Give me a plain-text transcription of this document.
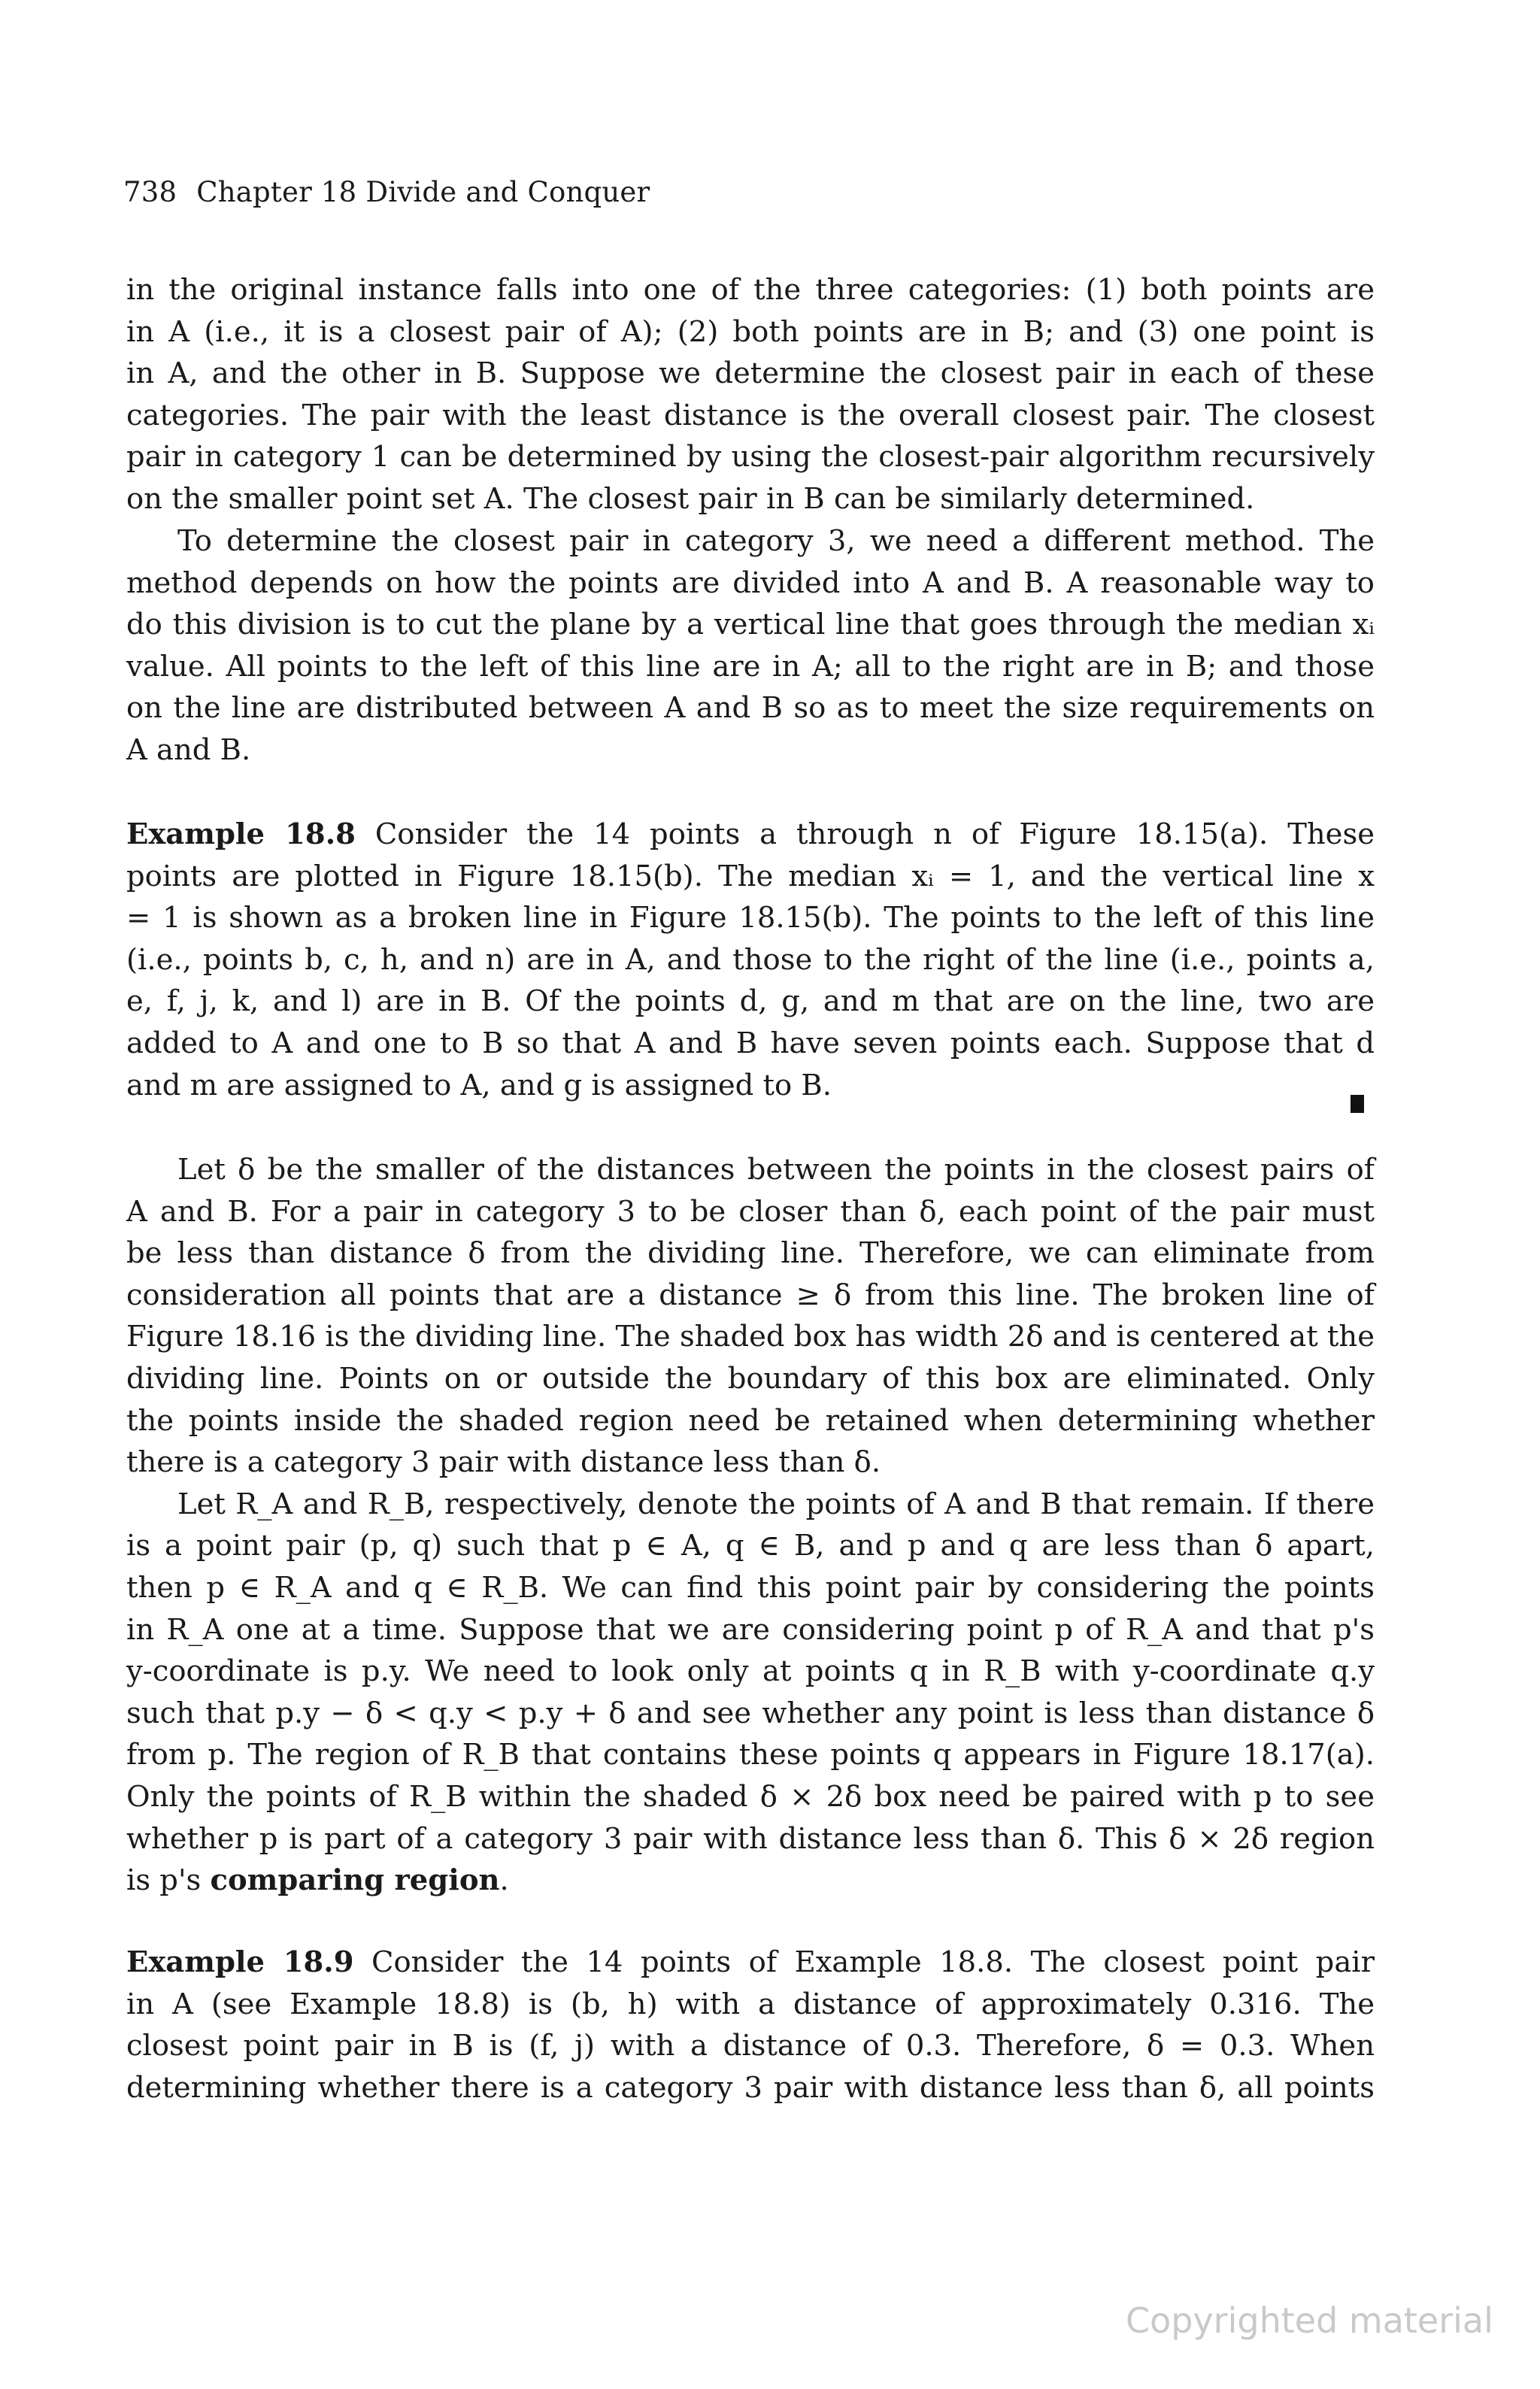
738 Chapter 18 Divide and Conquer
in the original instance falls into one of the three categories: (1) both points are
in A (i.e., it is a closest pair of A); (2) both points are in B; and (3) one point is
in A, and the other in B. Suppose we determine the closest pair in each of these
categories. The pair with the least distance is the overall closest pair. The closest
pair in category 1 can be determined by using the closest-pair algorithm recursively
on the smaller point set A. The closest pair in B can be similarly determined.
To determine the closest pair in category 3, we need a different method. The
method depends on how the points are divided into A and B. A reasonable way to
do this division is to cut the plane by a vertical line that goes through the median xᵢ
value. All points to the left of this line are in A; all to the right are in B; and those
on the line are distributed between A and B so as to meet the size requirements on
A and B.
Example 18.8 Consider the 14 points a through n of Figure 18.15(a). These
points are plotted in Figure 18.15(b). The median xᵢ = 1, and the vertical line x
= 1 is shown as a broken line in Figure 18.15(b). The points to the left of this line
(i.e., points b, c, h, and n) are in A, and those to the right of the line (i.e., points a,
e, f, j, k, and l) are in B. Of the points d, g, and m that are on the line, two are
added to A and one to B so that A and B have seven points each. Suppose that d
and m are assigned to A, and g is assigned to B.
Let δ be the smaller of the distances between the points in the closest pairs of
A and B. For a pair in category 3 to be closer than δ, each point of the pair must
be less than distance δ from the dividing line. Therefore, we can eliminate from
consideration all points that are a distance ≥ δ from this line. The broken line of
Figure 18.16 is the dividing line. The shaded box has width 2δ and is centered at the
dividing line. Points on or outside the boundary of this box are eliminated. Only
the points inside the shaded region need be retained when determining whether
there is a category 3 pair with distance less than δ.
Let R_A and R_B, respectively, denote the points of A and B that remain. If there
is a point pair (p, q) such that p ∈ A, q ∈ B, and p and q are less than δ apart,
then p ∈ R_A and q ∈ R_B. We can find this point pair by considering the points
in R_A one at a time. Suppose that we are considering point p of R_A and that p's
y-coordinate is p.y. We need to look only at points q in R_B with y-coordinate q.y
such that p.y − δ < q.y < p.y + δ and see whether any point is less than distance δ
from p. The region of R_B that contains these points q appears in Figure 18.17(a).
Only the points of R_B within the shaded δ × 2δ box need be paired with p to see
whether p is part of a category 3 pair with distance less than δ. This δ × 2δ region
is p's comparing region.
Example 18.9 Consider the 14 points of Example 18.8. The closest point pair
in A (see Example 18.8) is (b, h) with a distance of approximately 0.316. The
closest point pair in B is (f, j) with a distance of 0.3. Therefore, δ = 0.3. When
determining whether there is a category 3 pair with distance less than δ, all points
Copyrighted material
